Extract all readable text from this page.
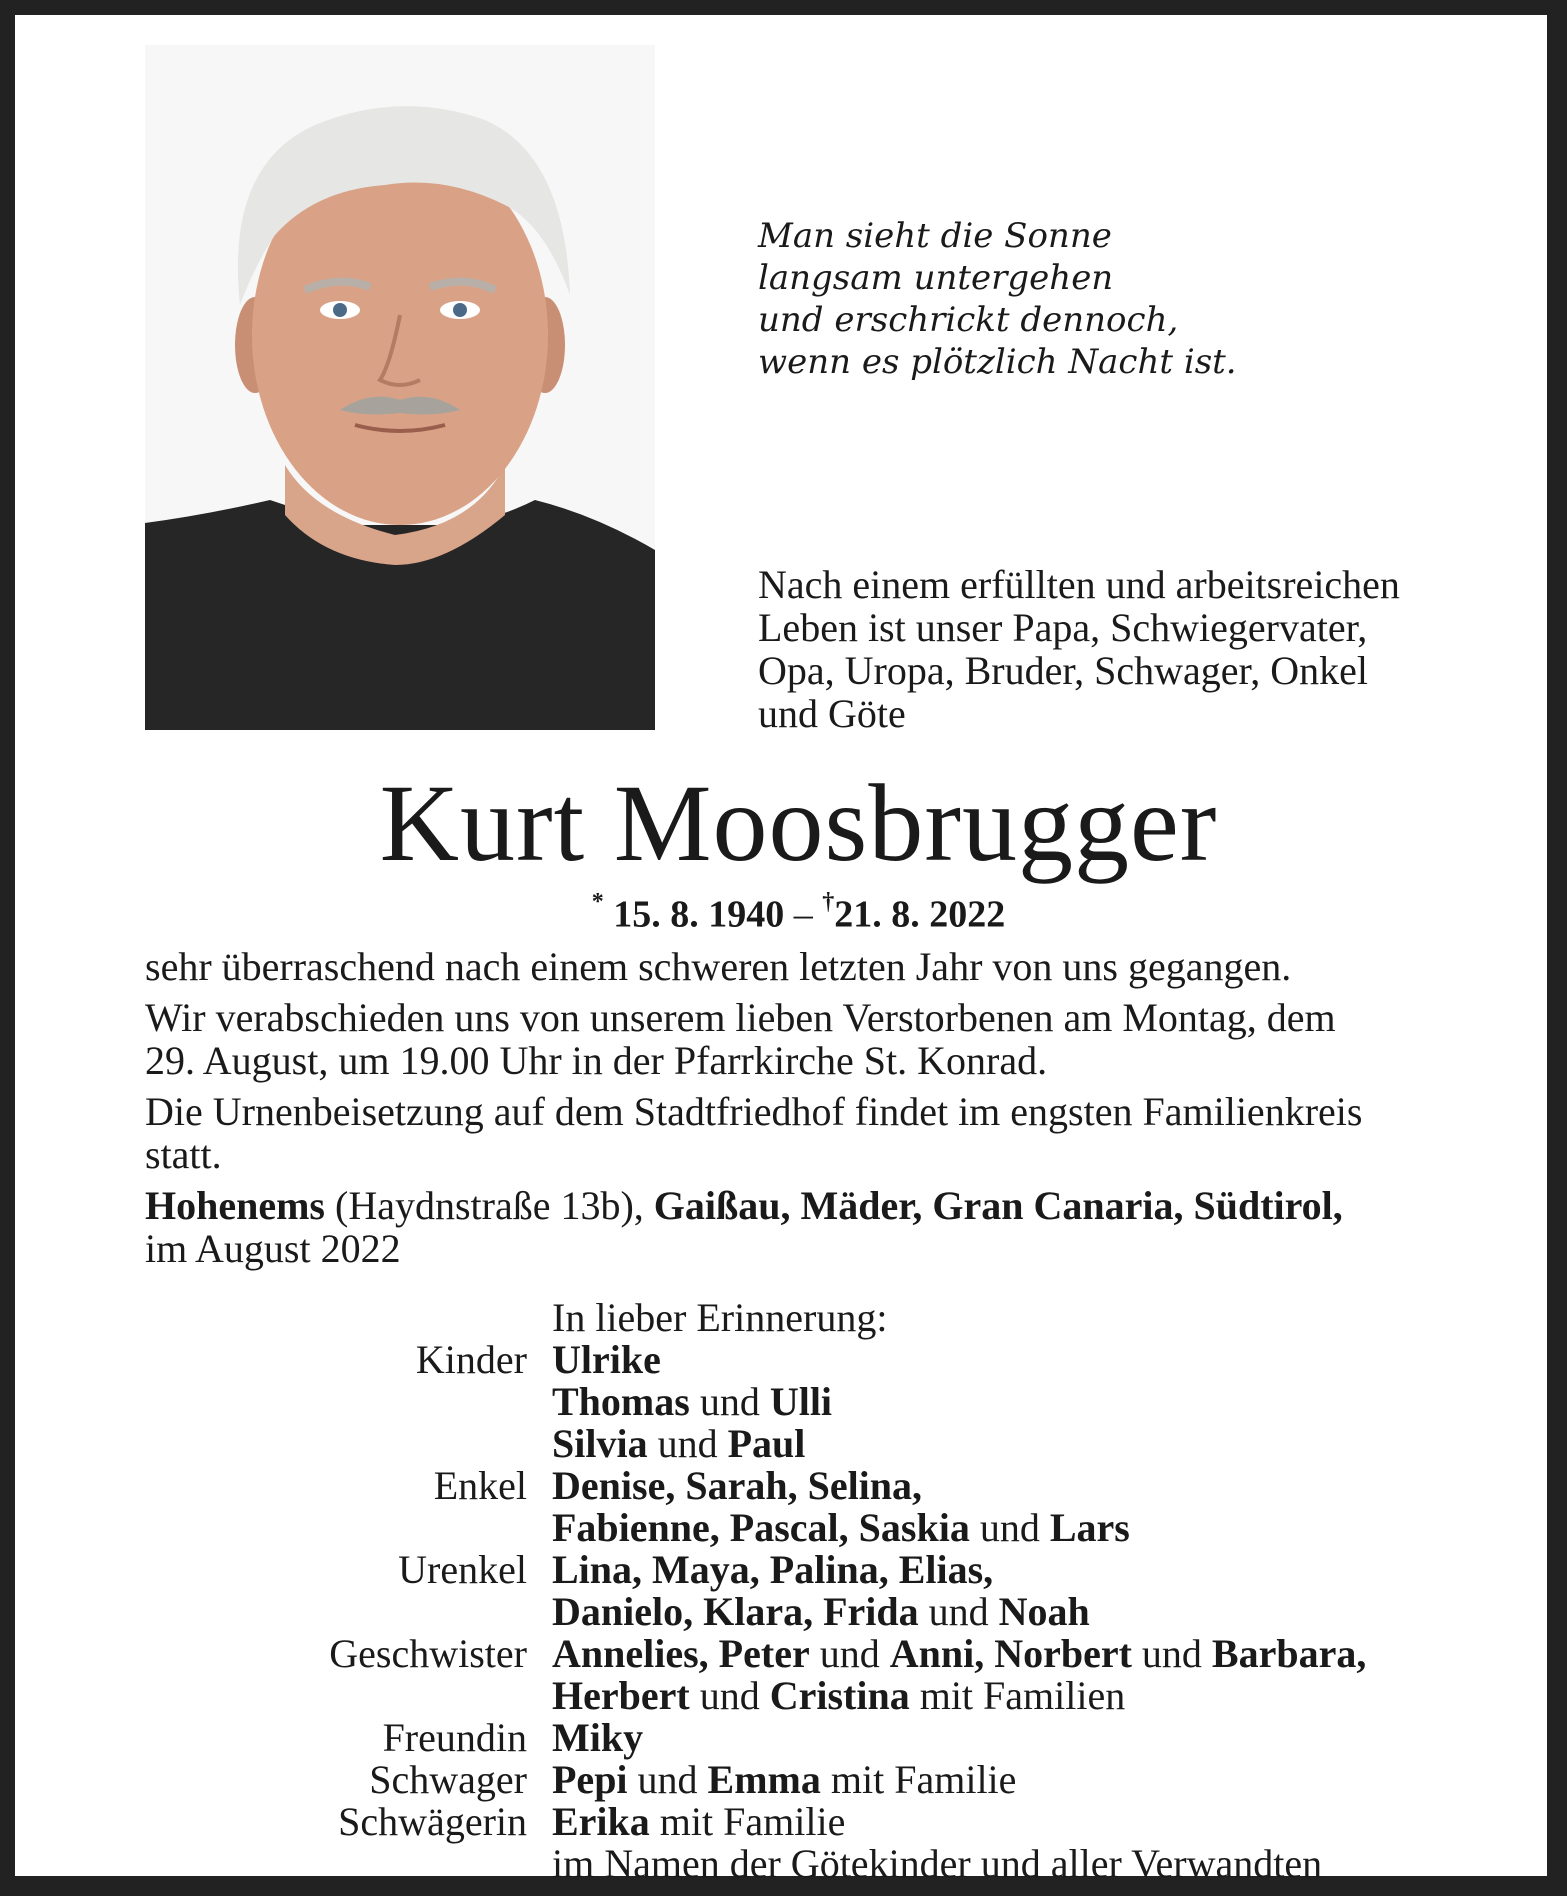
Man sieht die Sonne
langsam untergehen
und erschrickt dennoch,
wenn es plötzlich Nacht ist.
Nach einem erfüllten und arbeitsreichen
Leben ist unser Papa, Schwiegervater,
Opa, Uropa, Bruder, Schwager, Onkel
und Göte
Kurt Moosbrugger
* 15. 8. 1940 – †21. 8. 2022

sehr überraschend nach einem schweren letzten Jahr von uns gegangen.

Wir verabschieden uns von unserem lieben Verstorbenen am Montag, dem
29. August, um 19.00 Uhr in der Pfarrkirche St. Konrad.

Die Urnenbeisetzung auf dem Stadtfriedhof findet im engsten Familienkreis
statt.

Hohenems (Haydnstraße 13b), Gaißau, Mäder, Gran Canaria, Südtirol,
im August 2022

In lieber Erinnerung:
Kinder Ulrike
Thomas und Ulli
Silvia und Paul
Enkel Denise, Sarah, Selina,
Fabienne, Pascal, Saskia und Lars
Urenkel Lina, Maya, Palina, Elias,
Danielo, Klara, Frida und Noah
Geschwister Annelies, Peter und Anni, Norbert und Barbara,
Herbert und Cristina mit Familien
Freundin Miky
Schwager Pepi und Emma mit Familie
Schwägerin Erika mit Familie
im Namen der Götekinder und aller Verwandten
